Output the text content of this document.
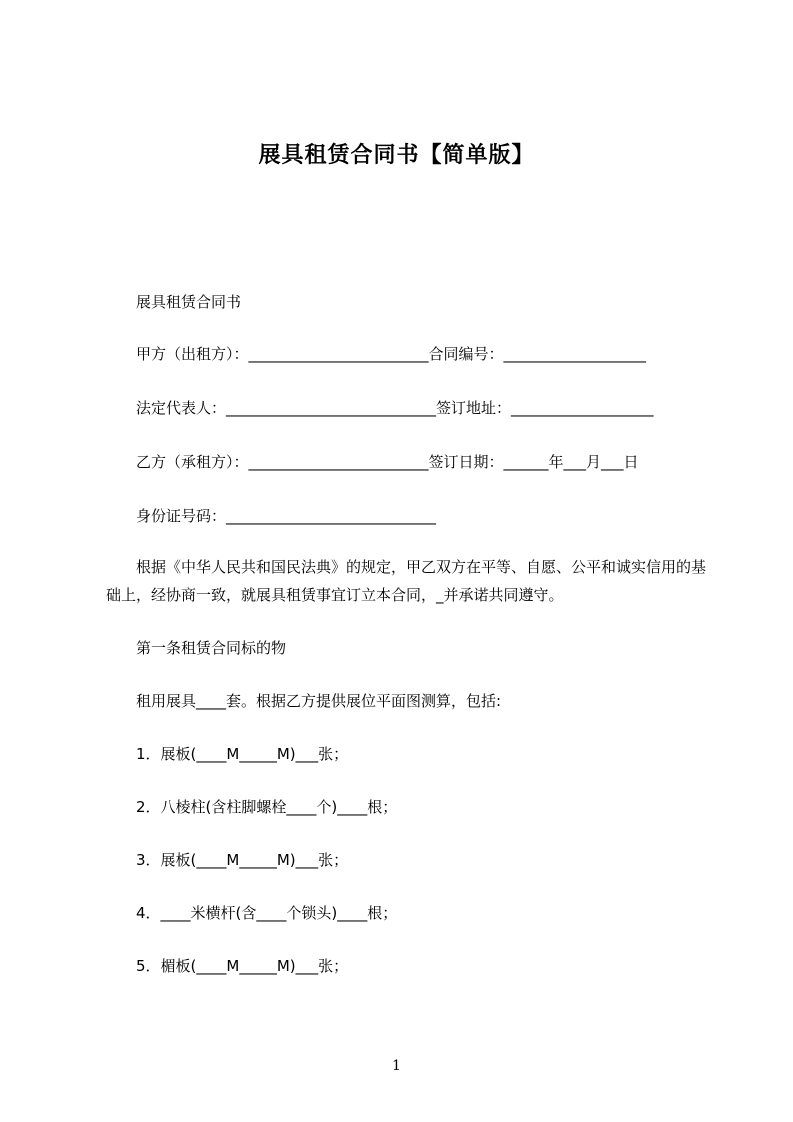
展具租赁合同书【简单版】
展具租赁合同书
甲方（出租方）：________________________合同编号：___________________
法定代表人：____________________________签订地址：___________________
乙方（承租方）：________________________签订日期：______年___月___日
身份证号码：____________________________
根据《中华人民共和国民法典》的规定，甲乙双方在平等、自愿、公平和诚实信用的基础上，经协商一致，就展具租赁事宜订立本合同，_并承诺共同遵守。
第一条租赁合同标的物
租用展具____套。根据乙方提供展位平面图测算，包括:
1．展板(____M_____M)___张；
2．八棱柱(含柱脚螺栓____个)____根；
3．展板(____M_____M)___张；
4．____米横杆(含____个锁头)____根；
5．楣板(____M_____M)___张；
1
